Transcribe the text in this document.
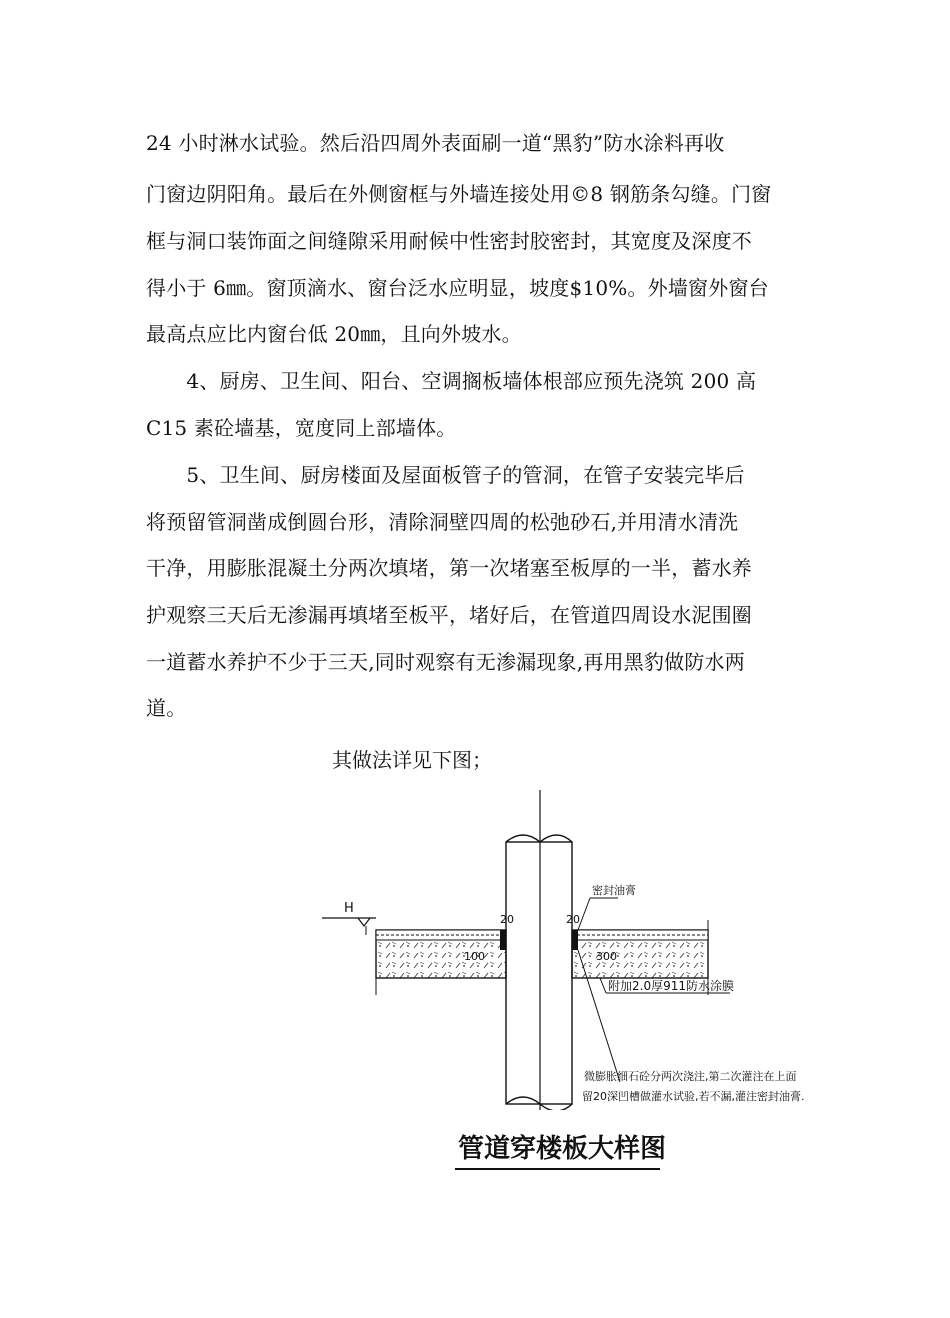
24 小时淋水试验。然后沿四周外表面刷一道“黑豹”防水涂料再收
门窗边阴阳角。最后在外侧窗框与外墙连接处用©8 钢筋条勾缝。门窗
框与洞口装饰面之间缝隙采用耐候中性密封胶密封，其宽度及深度不
得小于 6㎜。窗顶滴水、窗台泛水应明显，坡度$10%。外墙窗外窗台
最高点应比内窗台低 20㎜，且向外坡水。
　　4、厨房、卫生间、阳台、空调搁板墙体根部应预先浇筑 200 高
C15 素砼墙基，宽度同上部墙体。
　　5、卫生间、厨房楼面及屋面板管子的管洞，在管子安装完毕后
将预留管洞凿成倒圆台形，清除洞壁四周的松弛砂石,并用清水清洗
干净，用膨胀混凝土分两次填堵，第一次堵塞至板厚的一半，蓄水养
护观察三天后无渗漏再填堵至板平，堵好后，在管道四周设水泥围圈
一道蓄水养护不少于三天,同时观察有无渗漏现象,再用黑豹做防水两
道。
其做法详见下图；
H
20	20
100	300
密封油膏
附加2.0厚911防水涂膜
微膨胀细石砼分两次浇注,第二次灌注在上面
留20深凹槽做灌水试验,若不漏,灌注密封油膏.
管道穿楼板大样图
